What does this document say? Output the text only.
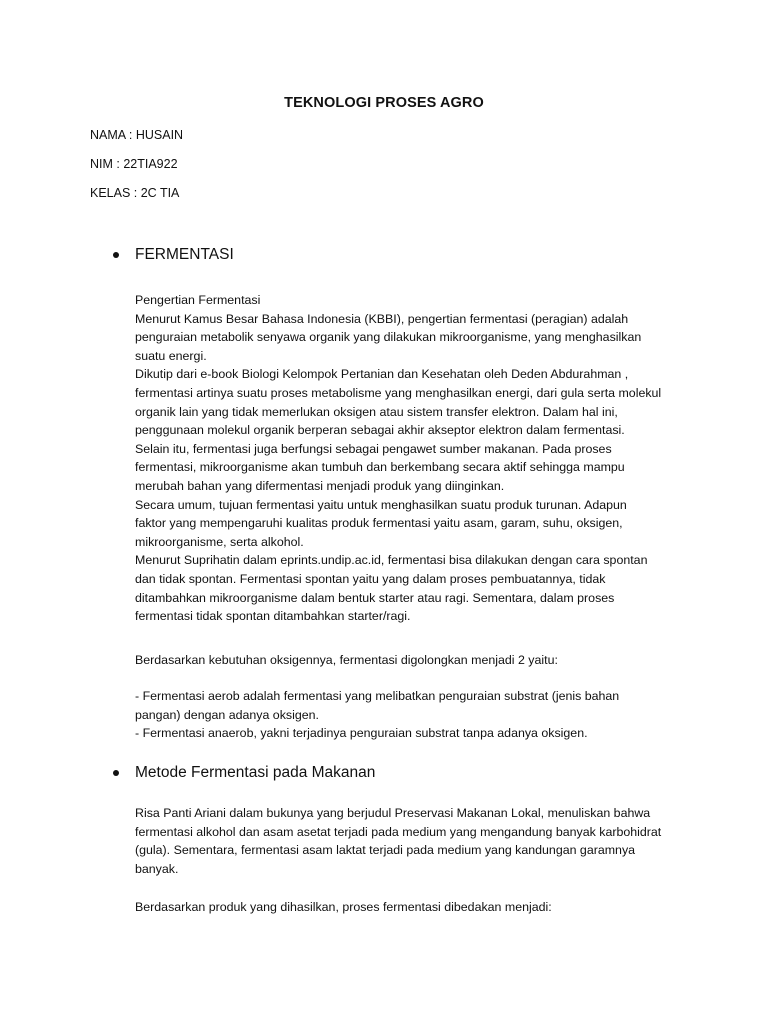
TEKNOLOGI PROSES AGRO
NAMA : HUSAIN
NIM : 22TIA922
KELAS : 2C TIA
FERMENTASI
Pengertian Fermentasi
Menurut Kamus Besar Bahasa Indonesia (KBBI), pengertian fermentasi (peragian) adalah
penguraian metabolik senyawa organik yang dilakukan mikroorganisme, yang menghasilkan
suatu energi.
Dikutip dari e-book Biologi Kelompok Pertanian dan Kesehatan oleh Deden Abdurahman ,
fermentasi artinya suatu proses metabolisme yang menghasilkan energi, dari gula serta molekul
organik lain yang tidak memerlukan oksigen atau sistem transfer elektron. Dalam hal ini,
penggunaan molekul organik berperan sebagai akhir akseptor elektron dalam fermentasi.
Selain itu, fermentasi juga berfungsi sebagai pengawet sumber makanan. Pada proses
fermentasi, mikroorganisme akan tumbuh dan berkembang secara aktif sehingga mampu
merubah bahan yang difermentasi menjadi produk yang diinginkan.
Secara umum, tujuan fermentasi yaitu untuk menghasilkan suatu produk turunan. Adapun
faktor yang mempengaruhi kualitas produk fermentasi yaitu asam, garam, suhu, oksigen,
mikroorganisme, serta alkohol.
Menurut Suprihatin dalam eprints.undip.ac.id, fermentasi bisa dilakukan dengan cara spontan
dan tidak spontan. Fermentasi spontan yaitu yang dalam proses pembuatannya, tidak
ditambahkan mikroorganisme dalam bentuk starter atau ragi. Sementara, dalam proses
fermentasi tidak spontan ditambahkan starter/ragi.
Berdasarkan kebutuhan oksigennya, fermentasi digolongkan menjadi 2 yaitu:
- Fermentasi aerob adalah fermentasi yang melibatkan penguraian substrat (jenis bahan
pangan) dengan adanya oksigen.
- Fermentasi anaerob, yakni terjadinya penguraian substrat tanpa adanya oksigen.
Metode Fermentasi pada Makanan
Risa Panti Ariani dalam bukunya yang berjudul Preservasi Makanan Lokal, menuliskan bahwa
fermentasi alkohol dan asam asetat terjadi pada medium yang mengandung banyak karbohidrat
(gula). Sementara, fermentasi asam laktat terjadi pada medium yang kandungan garamnya
banyak.
Berdasarkan produk yang dihasilkan, proses fermentasi dibedakan menjadi:
